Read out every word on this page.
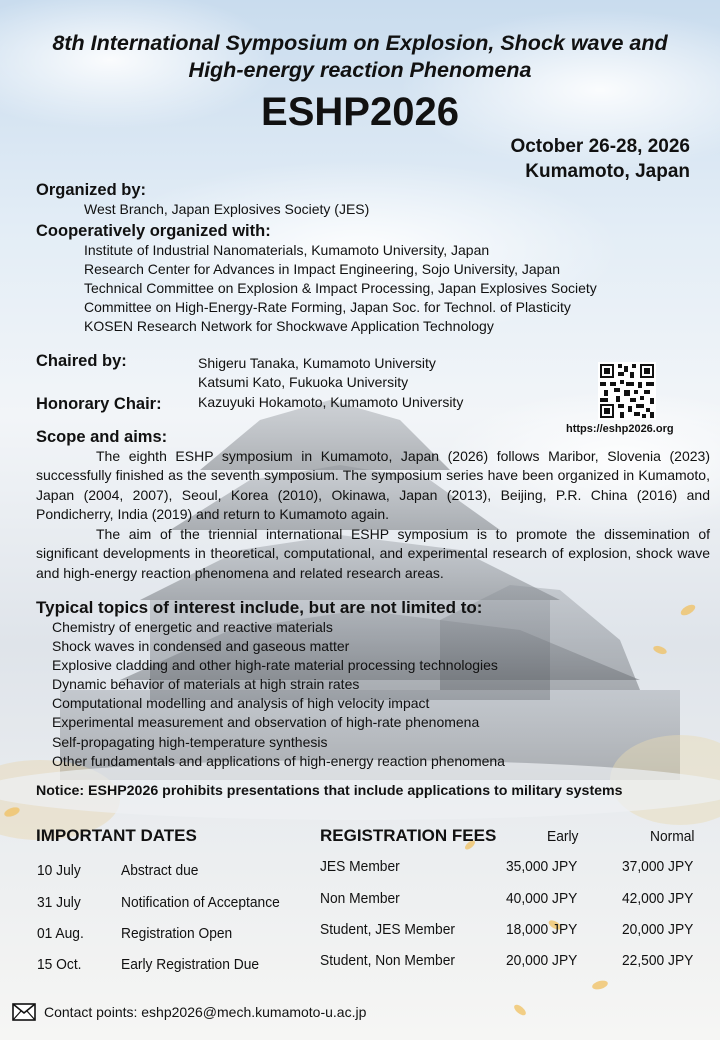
8th International Symposium on Explosion, Shock wave and
High-energy reaction Phenomena
ESHP2026
October 26-28, 2026
Kumamoto, Japan
Organized by:
West Branch, Japan Explosives Society (JES)
Cooperatively organized with:
Institute of Industrial Nanomaterials, Kumamoto University, Japan
Research Center for Advances in Impact Engineering, Sojo University, Japan
Technical Committee on Explosion & Impact Processing, Japan Explosives Society
Committee on High-Energy-Rate Forming, Japan Soc. for Technol. of Plasticity
KOSEN Research Network for Shockwave Application Technology
Chaired by:	Shigeru Tanaka, Kumamoto University
Katsumi Kato, Fukuoka University
Honorary Chair:	Kazuyuki Hokamoto, Kumamoto University
https://eshp2026.org
Scope and aims:
The eighth ESHP symposium in Kumamoto, Japan (2026) follows Maribor, Slovenia (2023) successfully finished as the seventh symposium. The symposium series have been organized in Kumamoto, Japan (2004, 2007), Seoul, Korea (2010), Okinawa, Japan (2013), Beijing, P.R. China (2016) and Pondicherry, India (2019) and return to Kumamoto again.
The aim of the triennial international ESHP symposium is to promote the dissemination of significant developments in theoretical, computational, and experimental research of explosion, shock wave and high-energy reaction phenomena and related research areas.
Typical topics of interest include, but are not limited to:
Chemistry of energetic and reactive materials
Shock waves in condensed and gaseous matter
Explosive cladding and other high-rate material processing technologies
Dynamic behavior of materials at high strain rates
Computational modelling and analysis of high velocity impact
Experimental measurement and observation of high-rate phenomena
Self-propagating high-temperature synthesis
Other fundamentals and applications of high-energy reaction phenomena
Notice: ESHP2026 prohibits presentations that include applications to military systems
IMPORTANT DATES
10 July	Abstract due
31 July	Notification of Acceptance
01 Aug. Registration Open
15 Oct.	Early Registration Due
REGISTRATION FEES	Early	Normal
JES Member	35,000 JPY	37,000 JPY
Non Member	40,000 JPY	42,000 JPY
Student, JES Member	18,000 JPY	20,000 JPY
Student, Non Member	20,000 JPY	22,500 JPY
Contact points: eshp2026@mech.kumamoto-u.ac.jp
